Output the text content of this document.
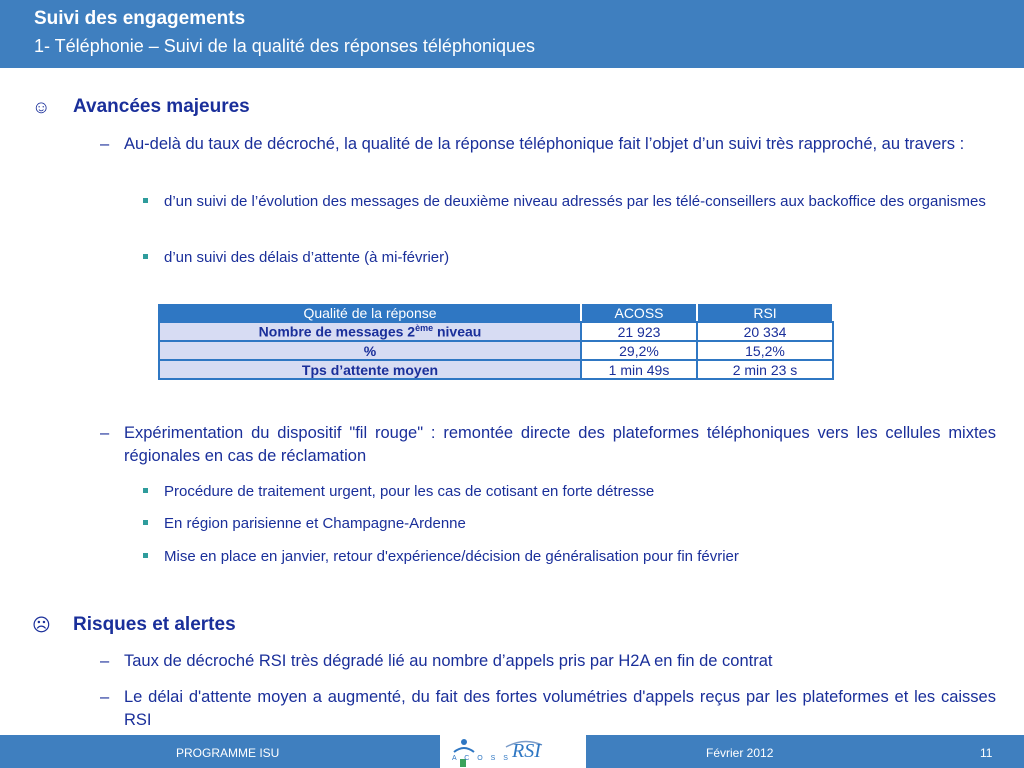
Suivi des engagements
1- Téléphonie – Suivi de la qualité des réponses téléphoniques
☺ Avancées majeures
– Au-delà du taux de décroché, la qualité de la réponse téléphonique fait l’objet d’un suivi très rapproché, au travers :
d’un suivi de l’évolution des messages de deuxième niveau adressés par les télé-conseillers aux backoffice des organismes
d’un suivi des délais d’attente (à mi-février)
Qualité de la réponse	ACOSS	RSI
Nombre de messages 2ème niveau	21 923	20 334
%	29,2%	15,2%
Tps d’attente moyen	1 min 49s	2 min 23 s
– Expérimentation du dispositif "fil rouge" : remontée directe des plateformes téléphoniques vers les cellules mixtes régionales en cas de réclamation
Procédure de traitement urgent, pour les cas de cotisant en forte détresse
En région parisienne et Champagne-Ardenne
Mise en place en janvier, retour d'expérience/décision de généralisation pour fin février
☹ Risques et alertes
– Taux de décroché RSI très dégradé lié au nombre d’appels pris par H2A en fin de contrat
– Le délai d'attente moyen a augmenté, du fait des fortes volumétries d'appels reçus par les plateformes et les caisses RSI
PROGRAMME ISU	A C O S S RSI	Février 2012	11
